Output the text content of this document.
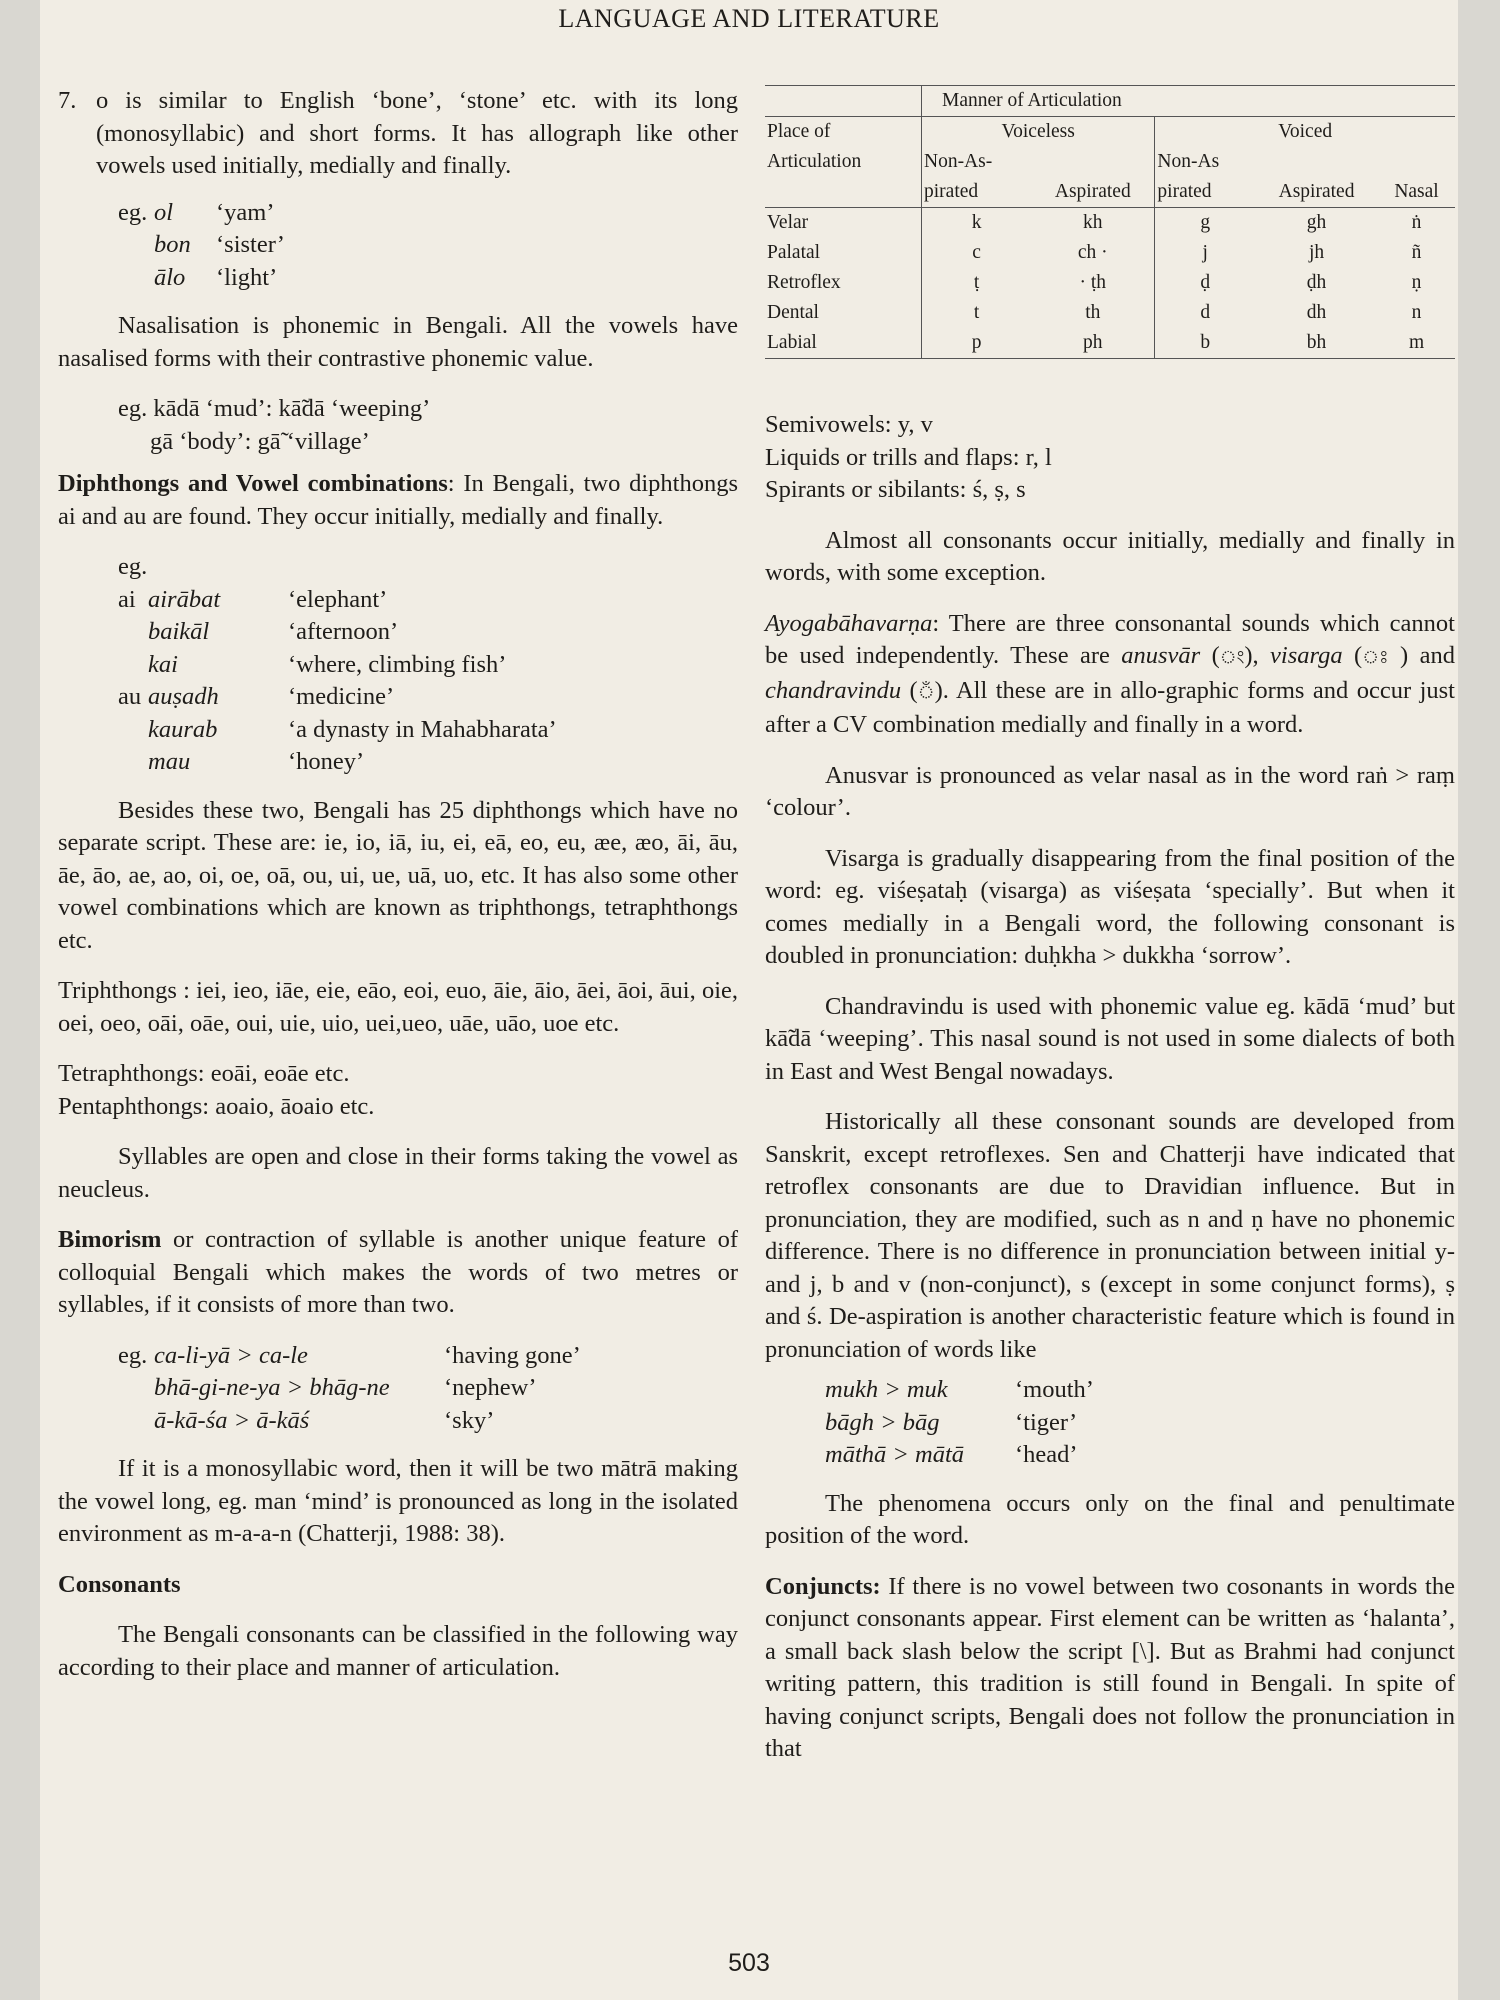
LANGUAGE AND LITERATURE
7. o is similar to English ‘bone’, ‘stone’ etc. with its long (monosyllabic) and short forms. It has allograph like other vowels used initially, medially and finally.
eg.	ol	‘yam’
	bon	‘sister’
	ālo	‘light’

Nasalisation is phonemic in Bengali. All the vowels have nasalised forms with their contrastive phonemic value.

eg. kādā ‘mud’: kā̃dā ‘weeping’
gā ‘body’: gā̃ ‘village’

Diphthongs and Vowel combinations: In Bengali, two diphthongs ai and au are found. They occur initially, medially and finally.

eg.
ai	airābat	‘elephant’
	baikāl	‘afternoon’
	kai	‘where, climbing fish’
au	auṣadh	‘medicine’
	kaurab	‘a dynasty in Mahabharata’
	mau	‘honey’

Besides these two, Bengali has 25 diphthongs which have no separate script. These are: ie, io, iā, iu, ei, eā, eo, eu, æe, æo, āi, āu, āe, āo, ae, ao, oi, oe, oā, ou, ui, ue, uā, uo, etc. It has also some other vowel combinations which are known as triphthongs, tetraphthongs etc.

Triphthongs : iei, ieo, iāe, eie, eāo, eoi, euo, āie, āio, āei, āoi, āui, oie, oei, oeo, oāi, oāe, oui, uie, uio, uei,ueo, uāe, uāo, uoe etc.

Tetraphthongs: eoāi, eoāe etc.

Pentaphthongs: aoaio, āoaio etc.

Syllables are open and close in their forms taking the vowel as neucleus.

Bimorism or contraction of syllable is another unique feature of colloquial Bengali which makes the words of two metres or syllables, if it consists of more than two.

eg.	ca-li-yā > ca-le	‘having gone’
	bhā-gi-ne-ya > bhāg-ne	‘nephew’
	ā-kā-śa > ā-kāś	‘sky’

If it is a monosyllabic word, then it will be two mātrā making the vowel long, eg. man ‘mind’ is pronounced as long in the isolated environment as m-a-a-n (Chatterji, 1988: 38).

Consonants

The Bengali consonants can be classified in the following way according to their place and manner of articulation.

	Manner of Articulation				
Place of	Voiceless		Voiced		
Articulation	Non-As-		Non-As		
	pirated	Aspirated	pirated	Aspirated	Nasal
Velar	k	kh	g	gh	ṅ
Palatal	c	ch ·	j	jh	ñ
Retroflex	ṭ	· ṭh	ḍ	ḍh	ṇ
Dental	t	th	d	dh	n
Labial	p	ph	b	bh	m
Semivowels: y, v
Liquids or trills and flaps: r, l

Spirants or sibilants: ś, ṣ, s

Almost all consonants occur initially, medially and finally in words, with some exception.

Ayogabāhavarṇa: There are three consonantal sounds which cannot be used independently. These are anusvār (ং), visarga (ঃ ) and chandravindu (ঁ). All these are in allo-graphic forms and occur just after a CV combination medially and finally in a word.

Anusvar is pronounced as velar nasal as in the word raṅ > raṃ ‘colour’.

Visarga is gradually disappearing from the final position of the word: eg. viśeṣataḥ (visarga) as viśeṣata ‘specially’. But when it comes medially in a Bengali word, the following consonant is doubled in pronunciation: duḥkha > dukkha ‘sorrow’.

Chandravindu is used with phonemic value eg. kādā ‘mud’ but kā̃dā ‘weeping’. This nasal sound is not used in some dialects of both in East and West Bengal nowadays.

Historically all these consonant sounds are developed from Sanskrit, except retroflexes. Sen and Chatterji have indicated that retroflex consonants are due to Dravidian influence. But in pronunciation, they are modified, such as n and ṇ have no phonemic difference. There is no difference in pronunciation between initial y- and j, b and v (non-conjunct), s (except in some conjunct forms), ṣ and ś. De-aspiration is another characteristic feature which is found in pronunciation of words like

mukh > muk	‘mouth’
bāgh > bāg	‘tiger’
māthā > mātā	‘head’

The phenomena occurs only on the final and penultimate position of the word.

Conjuncts: If there is no vowel between two cosonants in words the conjunct consonants appear. First element can be written as ‘halanta’, a small back slash below the script [\]. But as Brahmi had conjunct writing pattern, this tradition is still found in Bengali. In spite of having conjunct scripts, Bengali does not follow the pronunciation in that

503
